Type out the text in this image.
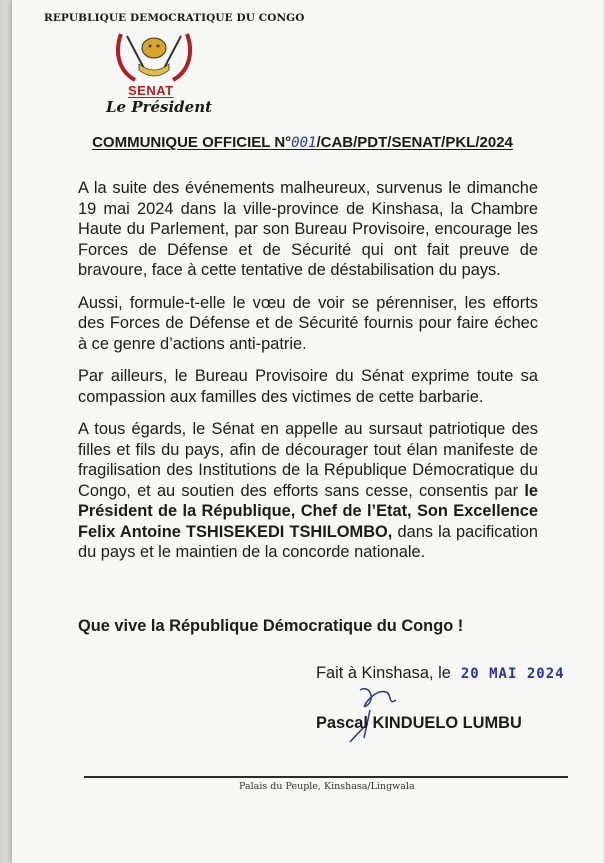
REPUBLIQUE DEMOCRATIQUE DU CONGO
SENAT
Le Président
COMMUNIQUE OFFICIEL N°001/CAB/PDT/SENAT/PKL/2024

A la suite des événements malheureux, survenus le dimanche 19 mai 2024 dans la ville-province de Kinshasa, la Chambre Haute du Parlement, par son Bureau Provisoire, encourage les Forces de Défense et de Sécurité qui ont fait preuve de bravoure, face à cette tentative de déstabilisation du pays.

Aussi, formule-t-elle le vœu de voir se pérenniser, les efforts des Forces de Défense et de Sécurité fournis pour faire échec à ce genre d’actions anti-patrie.

Par ailleurs, le Bureau Provisoire du Sénat exprime toute sa compassion aux familles des victimes de cette barbarie.

A tous égards, le Sénat en appelle au sursaut patriotique des filles et fils du pays, afin de décourager tout élan manifeste de fragilisation des Institutions de la République Démocratique du Congo, et au soutien des efforts sans cesse, consentis par le Président de la République, Chef de l’Etat, Son Excellence Felix Antoine TSHISEKEDI TSHILOMBO, dans la pacification du pays et le maintien de la concorde nationale.

Que vive la République Démocratique du Congo !
Fait à Kinshasa, le 20 MAI 2024
Pascal KINDUELO LUMBU
Palais du Peuple, Kinshasa/Lingwala
